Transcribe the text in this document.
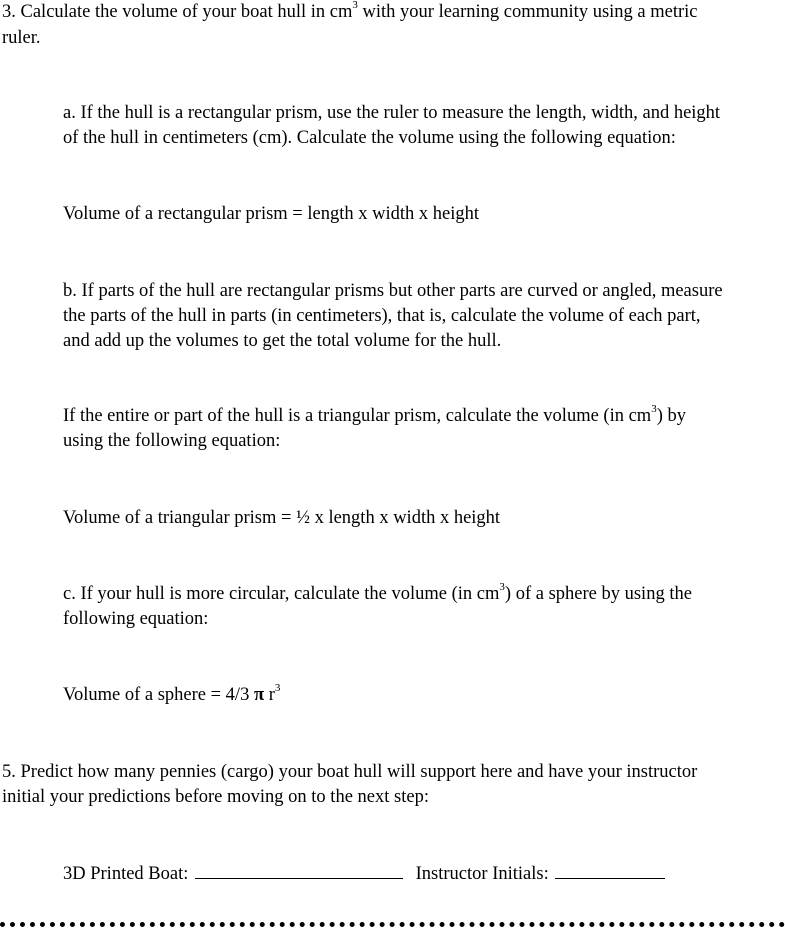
3. Calculate the volume of your boat hull in $cm^3$ with your learning community using a metric

ruler.

a. If the hull is a rectangular prism, use the ruler to measure the length, width, and height

of the hull in centimeters (cm). Calculate the volume using the following equation:

Volume of a rectangular prism = length x width x height

b. If parts of the hull are rectangular prisms but other parts are curved or angled, measure

the parts of the hull in parts (in centimeters), that is, calculate the volume of each part,

and add up the volumes to get the total volume for the hull.

If the entire or part of the hull is a triangular prism, calculate the volume (in $cm^3$) by

using the following equation:

Volume of a triangular prism = ½ x length x width x height

c. If your hull is more circular, calculate the volume (in $cm^3$) of a sphere by using the

following equation:

Volume of a sphere = 4/3 π $r^3$

5. Predict how many pennies (cargo) your boat hull will support here and have your instructor

initial your predictions before moving on to the next step:

3D Printed Boat:	Instructor Initials:
